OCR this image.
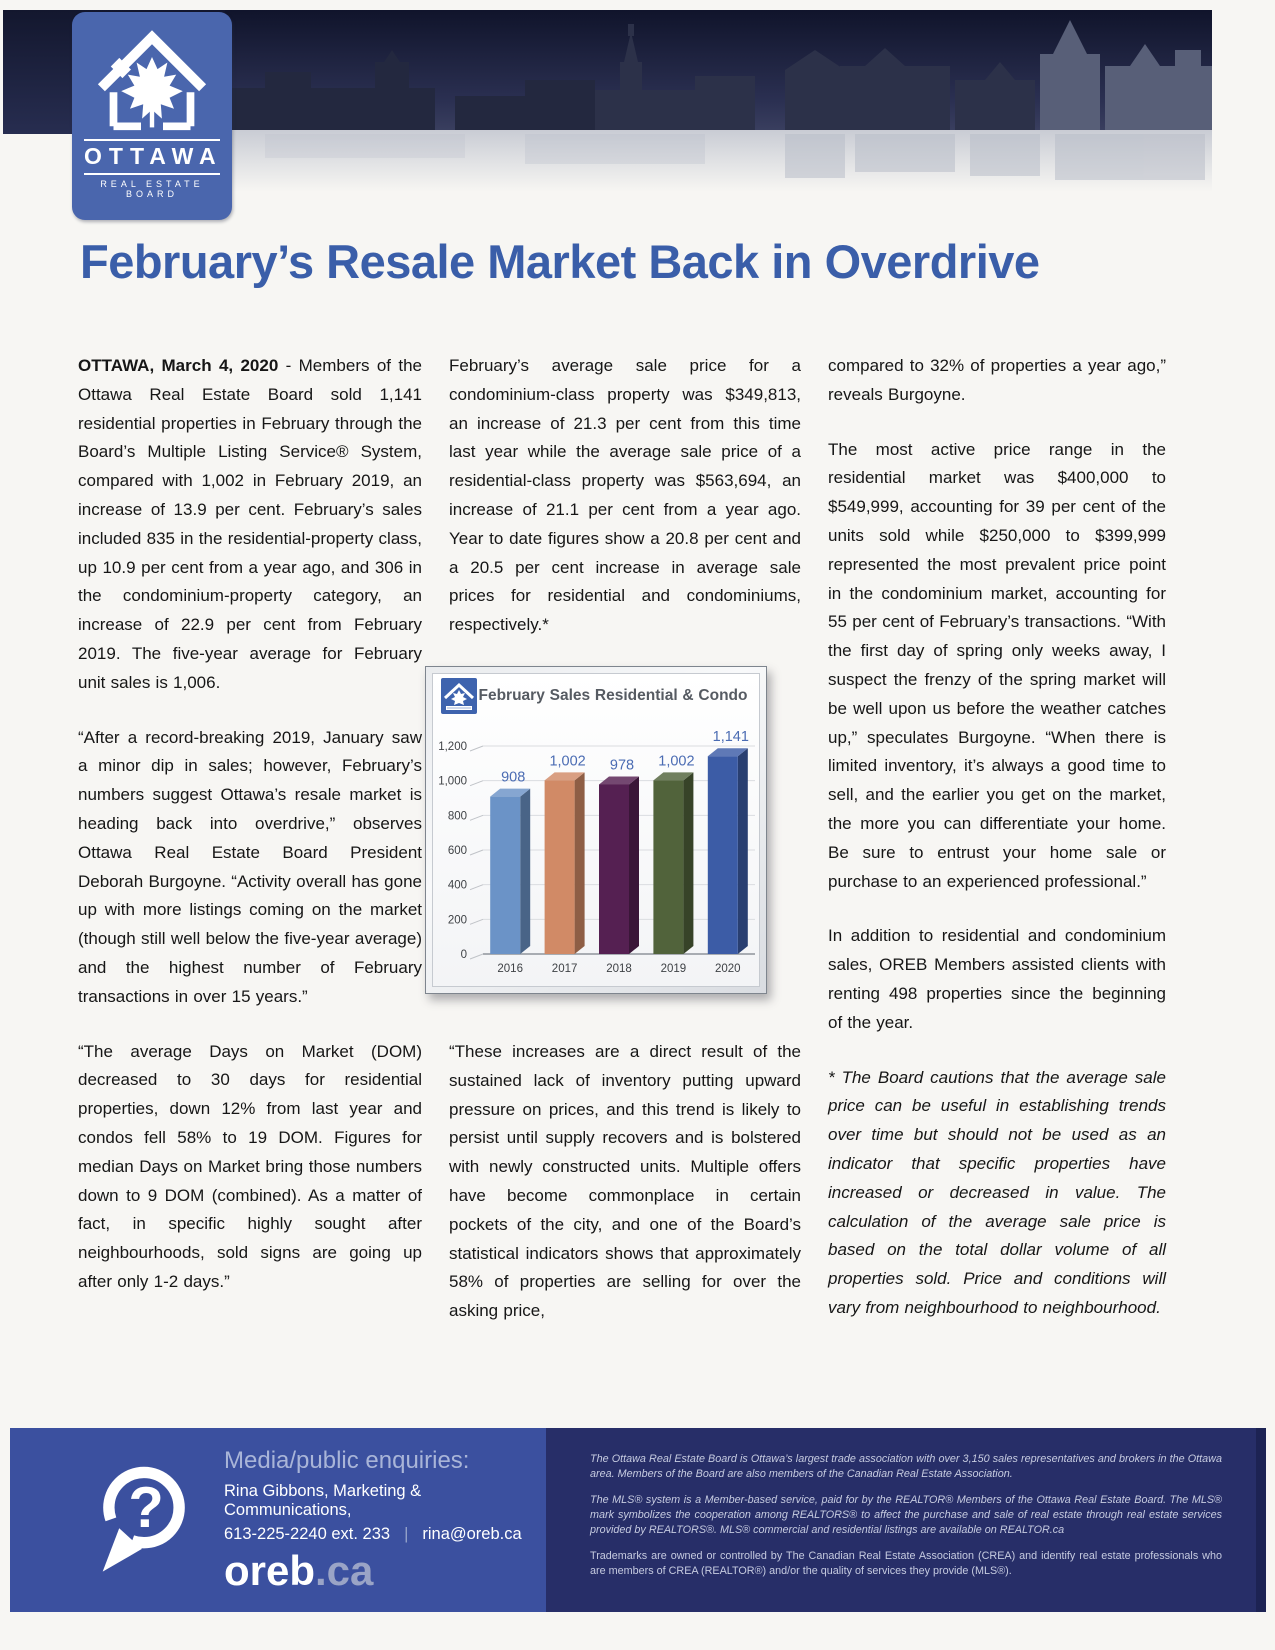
OTTAWA
REAL ESTATE BOARD
February’s Resale Market Back in Overdrive

OTTAWA, March 4, 2020 - Members of the Ottawa Real Estate Board sold 1,141 residential properties in February through the Board’s Multiple Listing Service® System, compared with 1,002 in February 2019, an increase of 13.9 per cent. February’s sales included 835 in the residential-property class, up 10.9 per cent from a year ago, and 306 in the condominium-property category, an increase of 22.9 per cent from February 2019. The five-year average for February unit sales is 1,006.

“After a record-breaking 2019, January saw a minor dip in sales; however, February’s numbers suggest Ottawa’s resale market is heading back into overdrive,” observes Ottawa Real Estate Board President Deborah Burgoyne. “Activity overall has gone up with more listings coming on the market (though still well below the five-year average) and the highest number of February transactions in over 15 years.”

“The average Days on Market (DOM) decreased to 30 days for residential properties, down 12% from last year and condos fell 58% to 19 DOM. Figures for median Days on Market bring those numbers down to 9 DOM (combined). As a matter of fact, in specific highly sought after neighbourhoods, sold signs are going up after only 1-2 days.”

February’s average sale price for a condominium-class property was $349,813, an increase of 21.3 per cent from this time last year while the average sale price of a residential-class property was $563,694, an increase of 21.1 per cent from a year ago. Year to date figures show a 20.8 per cent and a 20.5 per cent increase in average sale prices for residential and condominiums, respectively.*

February Sales Residential & Condo
1,200
1,000
800
600
400
200
0
908
2016
1,002
2017
978
2018
1,002
2019
1,141
2020

“These increases are a direct result of the sustained lack of inventory putting upward pressure on prices, and this trend is likely to persist until supply recovers and is bolstered with newly constructed units. Multiple offers have become commonplace in certain pockets of the city, and one of the Board’s statistical indicators shows that approximately 58% of properties are selling for over the asking price,

compared to 32% of properties a year ago,” reveals Burgoyne.

The most active price range in the residential market was $400,000 to $549,999, accounting for 39 per cent of the units sold while $250,000 to $399,999 represented the most prevalent price point in the condominium market, accounting for 55 per cent of February’s transactions. “With the first day of spring only weeks away, I suspect the frenzy of the spring market will be well upon us before the weather catches up,” speculates Burgoyne. “When there is limited inventory, it’s always a good time to sell, and the earlier you get on the market, the more you can differentiate your home. Be sure to entrust your home sale or purchase to an experienced professional.”

In addition to residential and condominium sales, OREB Members assisted clients with renting 498 properties since the beginning of the year.

* The Board cautions that the average sale price can be useful in establishing trends over time but should not be used as an indicator that specific properties have increased or decreased in value. The calculation of the average sale price is based on the total dollar volume of all properties sold. Price and conditions will vary from neighbourhood to neighbourhood.

?
Media/public enquiries:
Rina Gibbons, Marketing & Communications,
613-225-2240 ext. 233 | rina@oreb.ca
oreb.ca

The Ottawa Real Estate Board is Ottawa’s largest trade association with over 3,150 sales representatives and brokers in the Ottawa area. Members of the Board are also members of the Canadian Real Estate Association.

The MLS® system is a Member-based service, paid for by the REALTOR® Members of the Ottawa Real Estate Board. The MLS® mark symbolizes the cooperation among REALTORS® to affect the purchase and sale of real estate through real estate services provided by REALTORS®. MLS® commercial and residential listings are available on REALTOR.ca

Trademarks are owned or controlled by The Canadian Real Estate Association (CREA) and identify real estate professionals who are members of CREA (REALTOR®) and/or the quality of services they provide (MLS®).
